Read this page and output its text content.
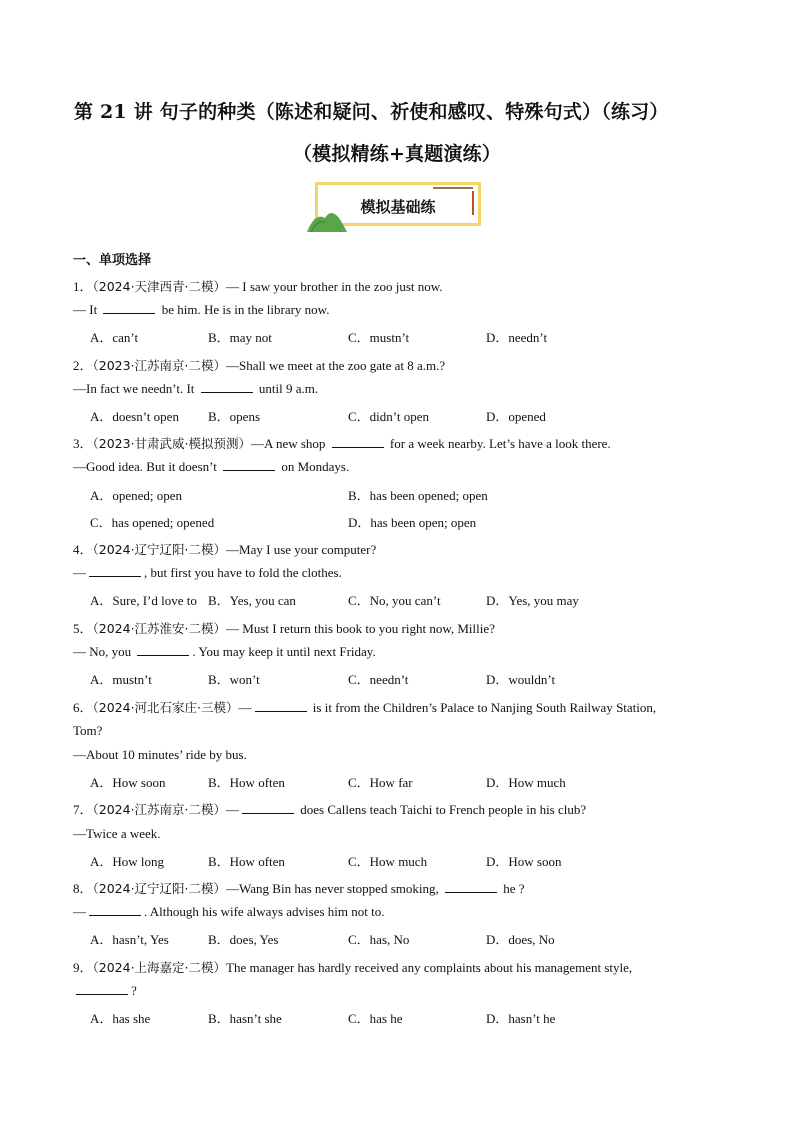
第 21 讲 句子的种类（陈述和疑问、祈使和感叹、特殊句式）（练习）
（模拟精练+真题演练）
模拟基础练
一、单项选择
1．（2024·天津西青·二模）— I saw your brother in the zoo just now.
— It	be him. He is in the library now.
A．can’t	B．may not	C．mustn’t	D．needn’t
2．（2023·江苏南京·二模）—Shall we meet at the zoo gate at 8 a.m.?
—In fact we needn’t. It	until 9 a.m.
A．doesn’t open B．opens	C．didn’t open	D．opened
3．（2023·甘肃武威·模拟预测）—A new shop	for a week nearby. Let’s have a look there.
—Good idea. But it doesn’t	on Mondays.
A．opened; open	B．has been opened; open
C．has opened; opened	D．has been open; open
4．（2024·辽宁辽阳·二模）—May I use your computer?
—	, but first you have to fold the clothes.
A．Sure, I’d love to B．Yes, you can	C．No, you can’t	D．Yes, you may
5．（2024·江苏淮安·二模）— Must I return this book to you right now, Millie?
— No, you	. You may keep it until next Friday.
A．mustn’t	B．won’t	C．needn’t	D．wouldn’t
6．（2024·河北石家庄·三模）—	is it from the Children’s Palace to Nanjing South Railway Station,
Tom?
—About 10 minutes’ ride by bus.
A．How soon	B．How often	C．How far	D．How much
7．（2024·江苏南京·二模）—	does Callens teach Taichi to French people in his club?
—Twice a week.
A．How long	B．How often	C．How much	D．How soon
8．（2024·辽宁辽阳·二模）—Wang Bin has never stopped smoking,	he ?
—	. Although his wife always advises him not to.
A．hasn’t, Yes	B．does, Yes	C．has, No	D．does, No
9．（2024·上海嘉定·二模）The manager has hardly received any complaints about his management style,
?
A．has she	B．hasn’t she	C．has he	D．hasn’t he
